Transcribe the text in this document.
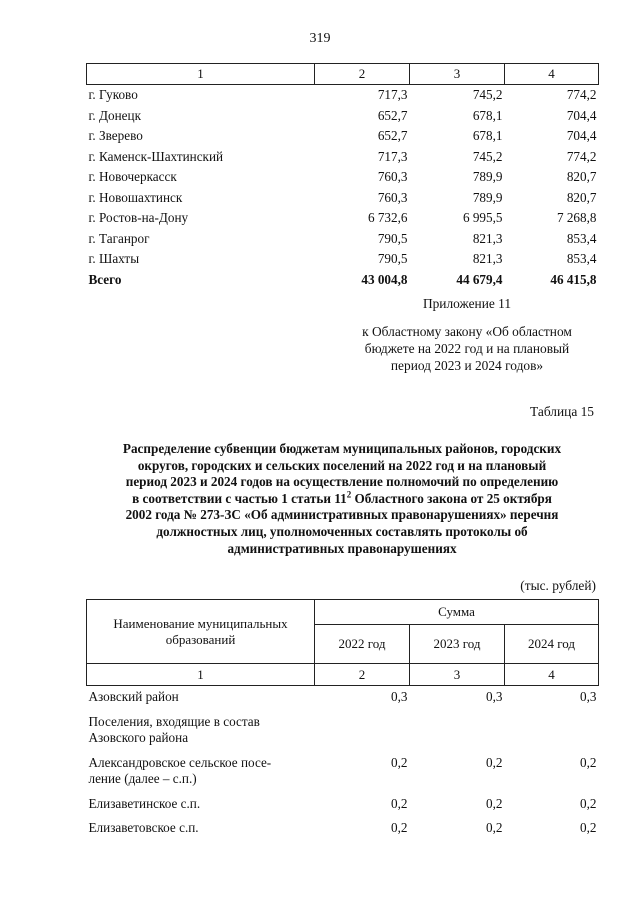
319
1	2	3	4
г. Гуково	717,3	745,2	774,2
г. Донецк	652,7	678,1	704,4
г. Зверево	652,7	678,1	704,4
г. Каменск-Шахтинский	717,3	745,2	774,2
г. Новочеркасск	760,3	789,9	820,7
г. Новошахтинск	760,3	789,9	820,7
г. Ростов-на-Дону	6 732,6	6 995,5	7 268,8
г. Таганрог	790,5	821,3	853,4
г. Шахты	790,5	821,3	853,4
Всего	43 004,8	44 679,4	46 415,8
Приложение 11
к Областному закону «Об областном
бюджете на 2022 год и на плановый
период 2023 и 2024 годов»
Таблица 15
Распределение субвенции бюджетам муниципальных районов, городских
округов, городских и сельских поселений на 2022 год и на плановый
период 2023 и 2024 годов на осуществление полномочий по определению
в соответствии с частью 1 статьи $11^2$ Областного закона от 25 октября
2002 года № 273-ЗС «Об административных правонарушениях» перечня
должностных лиц, уполномоченных составлять протоколы об
административных правонарушениях
(тыс. рублей)
Наименование муниципальных образований	Сумма		
	2022 год	2023 год	2024 год
1	2	3	4
Азовский район	0,3	0,3	0,3
Поселения, входящие в состав Азовского района			
Александровское сельское посе-
ление (далее – с.п.)	0,2	0,2	0,2
Елизаветинское с.п.	0,2	0,2	0,2
Елизаветовское с.п.	0,2	0,2	0,2
